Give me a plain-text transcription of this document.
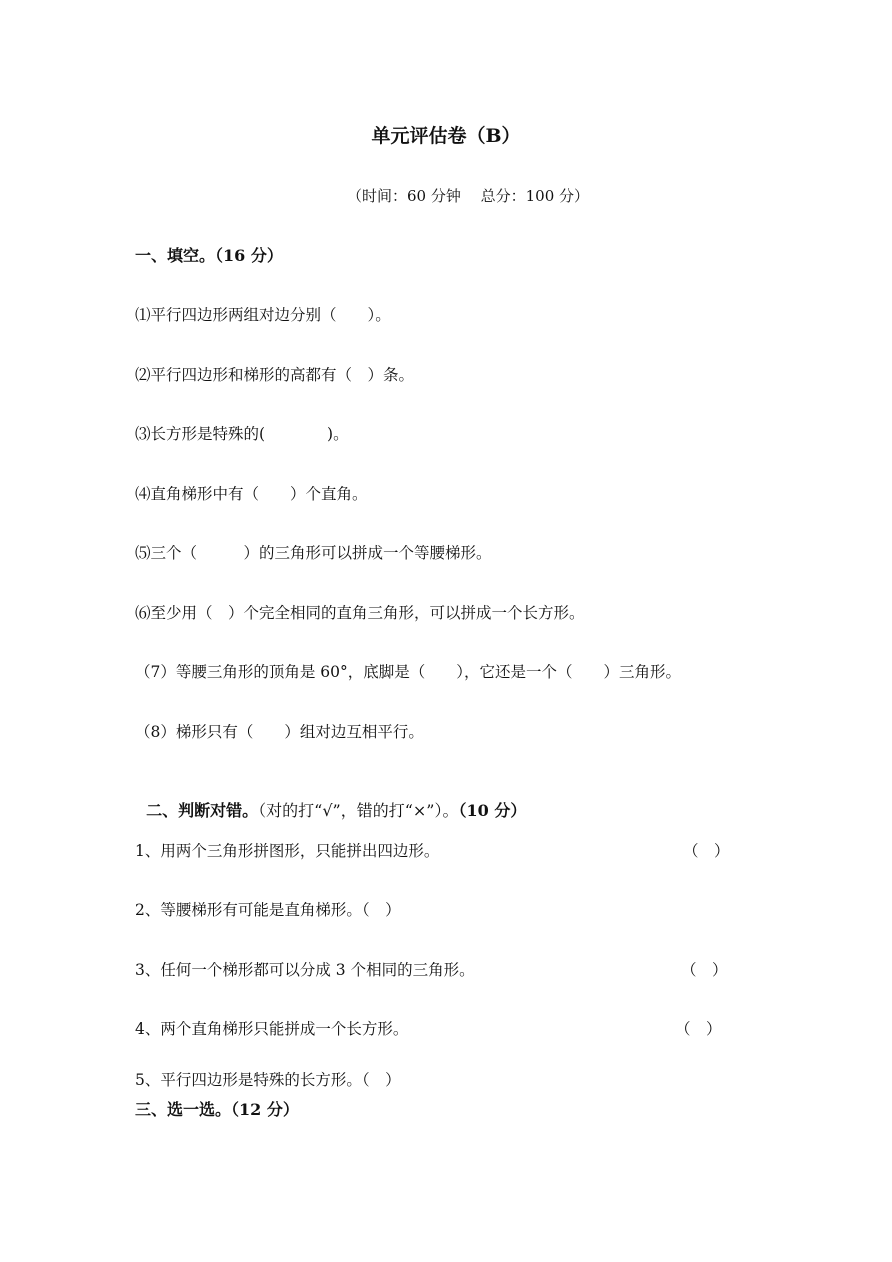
单元评估卷（B）
（时间：60 分钟　 总分：100 分）
一、填空。（16 分）
⑴平行四边形两组对边分别（　　）。
⑵平行四边形和梯形的高都有（　）条。
⑶长方形是特殊的(　　　　)。
⑷直角梯形中有（　　）个直角。
⑸三个（　　　）的三角形可以拼成一个等腰梯形。
⑹至少用（　）个完全相同的直角三角形，可以拼成一个长方形。
（7）等腰三角形的顶角是 60°，底脚是（　　），它还是一个（　　）三角形。
（8）梯形只有（　　）组对边互相平行。

二、判断对错。（对的打“√”，错的打“×”）。（10 分）

1、用两个三角形拼图形，只能拼出四边形。	（　）
2、等腰梯形有可能是直角梯形。（　）
3、任何一个梯形都可以分成 3 个相同的三角形。	（　）
4、两个直角梯形只能拼成一个长方形。	（　）
5、平行四边形是特殊的长方形。（　）
三、选一选。（12 分）
